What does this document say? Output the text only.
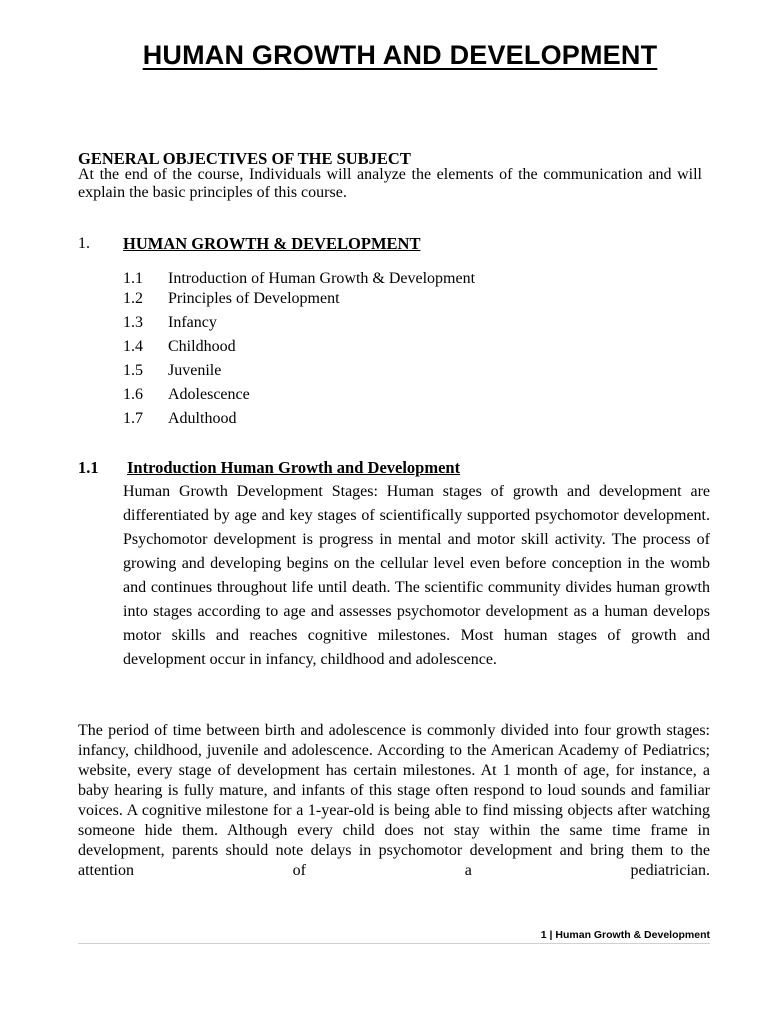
HUMAN GROWTH AND DEVELOPMENT
GENERAL OBJECTIVES OF THE SUBJECT
At the end of the course, Individuals will analyze the elements of the communication and will explain the basic principles of this course.
1. HUMAN GROWTH & DEVELOPMENT
1.1 Introduction of Human Growth & Development
1.2 Principles of Development
1.3 Infancy
1.4 Childhood
1.5 Juvenile
1.6 Adolescence
1.7 Adulthood
1.1 Introduction Human Growth and Development
Human Growth Development Stages: Human stages of growth and development are differentiated by age and key stages of scientifically supported psychomotor development. Psychomotor development is progress in mental and motor skill activity. The process of growing and developing begins on the cellular level even before conception in the womb and continues throughout life until death. The scientific community divides human growth into stages according to age and assesses psychomotor development as a human develops motor skills and reaches cognitive milestones. Most human stages of growth and development occur in infancy, childhood and adolescence.
The period of time between birth and adolescence is commonly divided into four growth stages: infancy, childhood, juvenile and adolescence. According to the American Academy of Pediatrics; website, every stage of development has certain milestones. At 1 month of age, for instance, a baby hearing is fully mature, and infants of this stage often respond to loud sounds and familiar voices. A cognitive milestone for a 1-year-old is being able to find missing objects after watching someone hide them. Although every child does not stay within the same time frame in development, parents should note delays in psychomotor development and bring them to the attention of a pediatrician.
1 | Human Growth & Development
